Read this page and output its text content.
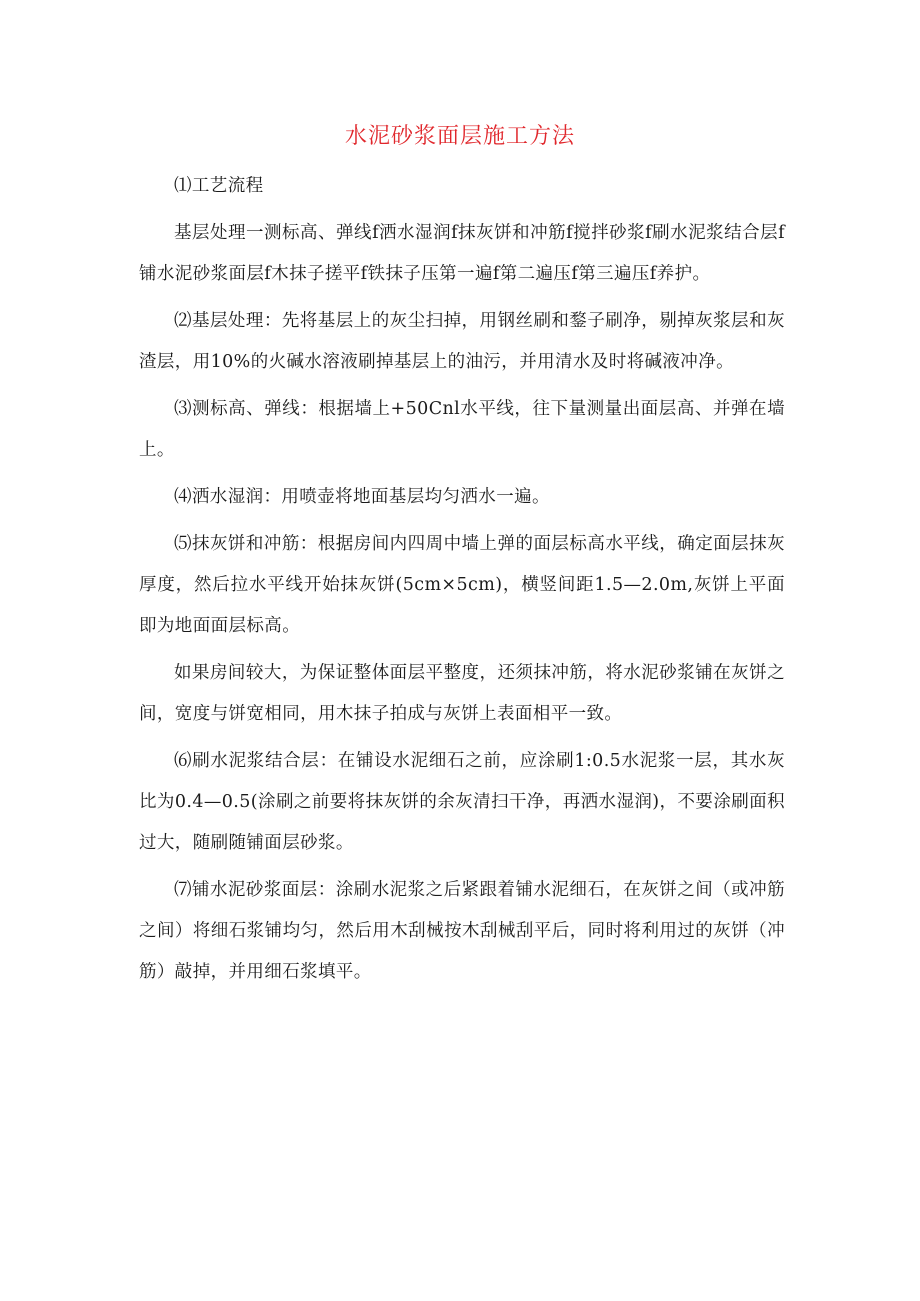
水泥砂浆面层施工方法

⑴工艺流程

基层处理一测标高、弹线f洒水湿润f抹灰饼和冲筋f搅拌砂浆f刷水泥浆结合层f铺水泥砂浆面层f木抹子搓平f铁抹子压第一遍f第二遍压f第三遍压f养护。

⑵基层处理：先将基层上的灰尘扫掉，用钢丝刷和鍪子刷净，剔掉灰浆层和灰渣层，用10%的火碱水溶液刷掉基层上的油污，并用清水及时将碱液冲净。

⑶测标高、弹线：根据墙上+50Cnl水平线，往下量测量出面层高、并弹在墙上。

⑷洒水湿润：用喷壶将地面基层均匀洒水一遍。

⑸抹灰饼和冲筋：根据房间内四周中墙上弹的面层标高水平线，确定面层抹灰厚度，然后拉水平线开始抹灰饼(5cm×5cm)，横竖间距1.5—2.0m,灰饼上平面即为地面面层标高。

如果房间较大，为保证整体面层平整度，还须抹冲筋，将水泥砂浆铺在灰饼之间，宽度与饼宽相同，用木抹子拍成与灰饼上表面相平一致。

⑹刷水泥浆结合层：在铺设水泥细石之前，应涂刷1:0.5水泥浆一层，其水灰比为0.4—0.5(涂刷之前要将抹灰饼的余灰清扫干净，再洒水湿润)，不要涂刷面积过大，随刷随铺面层砂浆。

⑺铺水泥砂浆面层：涂刷水泥浆之后紧跟着铺水泥细石，在灰饼之间（或冲筋之间）将细石浆铺均匀，然后用木刮械按木刮械刮平后，同时将利用过的灰饼（冲筋）敲掉，并用细石浆填平。
